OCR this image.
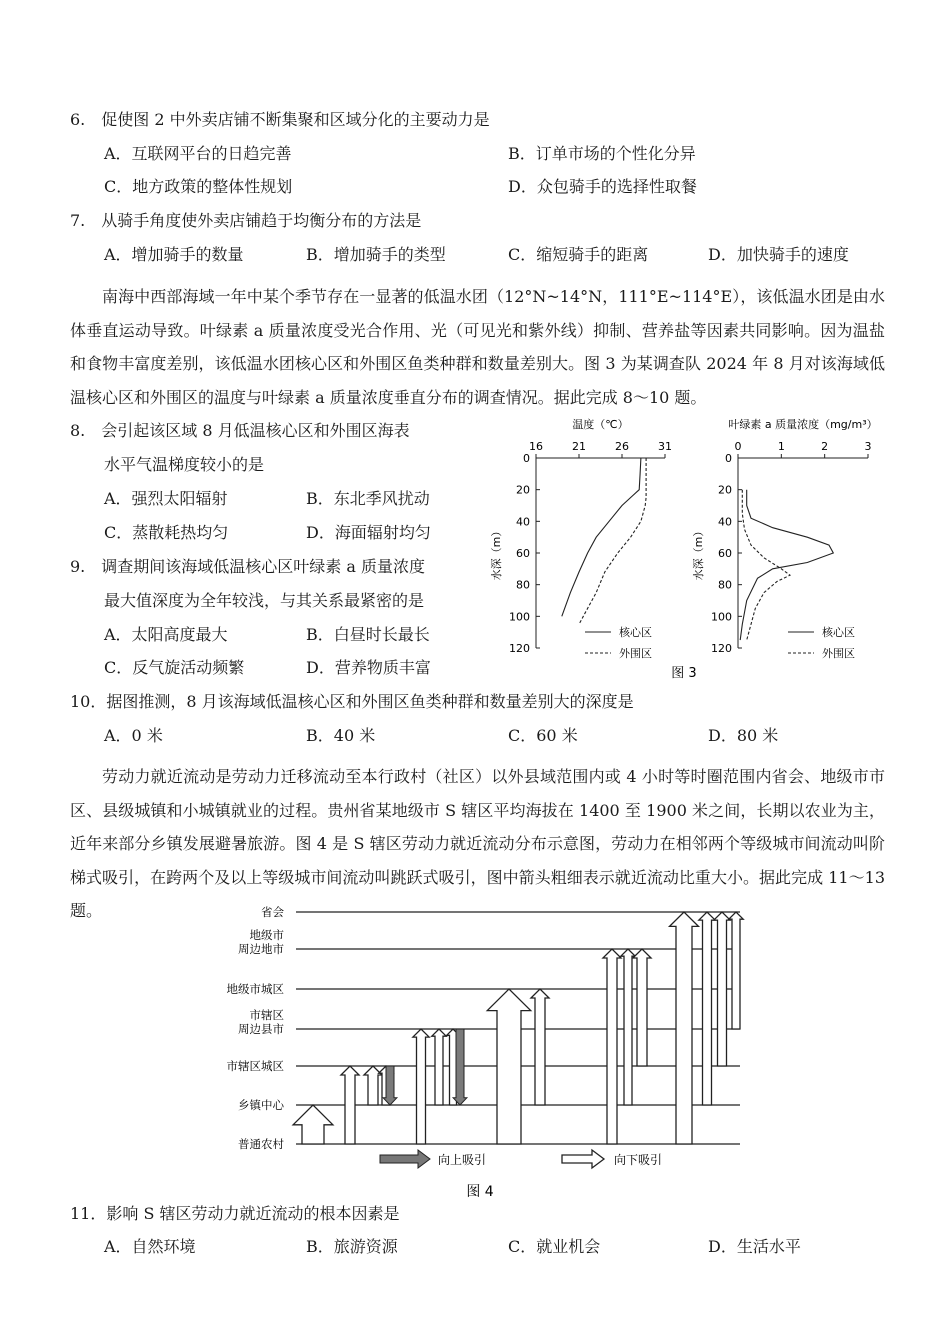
6.　促使图 2 中外卖店铺不断集聚和区域分化的主要动力是
A．互联网平台的日趋完善	B．订单市场的个性化分异
C．地方政策的整体性规划	D．众包骑手的选择性取餐
7.　从骑手角度使外卖店铺趋于均衡分布的方法是
A．增加骑手的数量	B．增加骑手的类型	C．缩短骑手的距离	D．加快骑手的速度
南海中西部海域一年中某个季节存在一显著的低温水团（12°N~14°N，111°E~114°E），该低温水团是由水体垂直运动导致。叶绿素 a 质量浓度受光合作用、光（可见光和紫外线）抑制、营养盐等因素共同影响。因为温盐和食物丰富度差别，该低温水团核心区和外围区鱼类种群和数量差别大。图 3 为某调查队 2024 年 8 月对该海域低温核心区和外围区的温度与叶绿素 a 质量浓度垂直分布的调查情况。据此完成 8～10 题。
8.　会引起该区域 8 月低温核心区和外围区海表
水平气温梯度较小的是
A．强烈太阳辐射	B．东北季风扰动
C．蒸散耗热均匀	D．海面辐射均匀
9.　调查期间该海域低温核心区叶绿素 a 质量浓度
最大值深度为全年较浅，与其关系最紧密的是
A．太阳高度最大	B．白昼时长最长
C．反气旋活动频繁	D．营养物质丰富
温度（℃）
16	21	26	31
0
20
40
60
80
100
120
水深（m）
核心区
外围区
叶绿素 a 质量浓度（mg/m³）
0	1	2	3
0
20
40
60
80
100
120
水深（m）
核心区
外围区
图 3
10．据图推测，8 月该海域低温核心区和外围区鱼类种群和数量差别大的深度是
A．0 米	B．40 米	C．60 米	D．80 米
劳动力就近流动是劳动力迁移流动至本行政村（社区）以外县域范围内或 4 小时等时圈范围内省会、地级市市区、县级城镇和小城镇就业的过程。贵州省某地级市 S 辖区平均海拔在 1400 至 1900 米之间，长期以农业为主，近年来部分乡镇发展避暑旅游。图 4 是 S 辖区劳动力就近流动分布示意图，劳动力在相邻两个等级城市间流动叫阶梯式吸引，在跨两个及以上等级城市间流动叫跳跃式吸引，图中箭头粗细表示就近流动比重大小。据此完成 11～13 题。	省会
地级市
周边地市
地级市城区
市辖区
周边县市
市辖区城区
乡镇中心
普通农村
向上吸引	向下吸引
图 4
11．影响 S 辖区劳动力就近流动的根本因素是
A．自然环境	B．旅游资源	C．就业机会	D．生活水平
